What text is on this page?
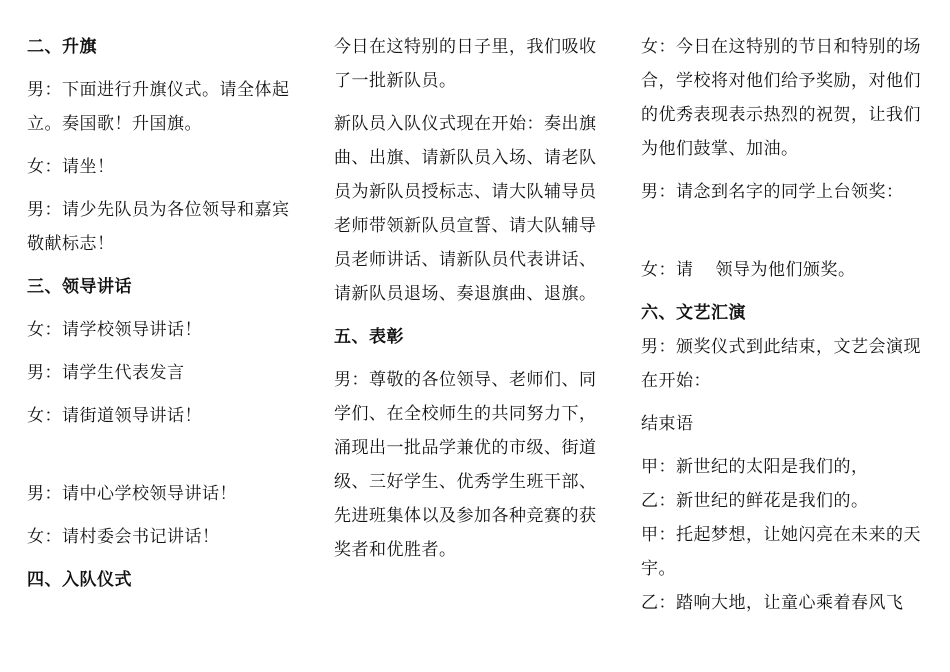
二、升旗
男：下面进行升旗仪式。请全体起立。奏国歌！升国旗。
女：请坐！
男：请少先队员为各位领导和嘉宾敬献标志！
三、领导讲话
女：请学校领导讲话！
男：请学生代表发言
女：请街道领导讲话！
男：请中心学校领导讲话！
女：请村委会书记讲话！
四、入队仪式
今日在这特别的日子里，我们吸收了一批新队员。
新队员入队仪式现在开始：奏出旗曲、出旗、请新队员入场、请老队员为新队员授标志、请大队辅导员老师带领新队员宣誓、请大队辅导员老师讲话、请新队员代表讲话、请新队员退场、奏退旗曲、退旗。
五、表彰
男：尊敬的各位领导、老师们、同学们、在全校师生的共同努力下，涌现出一批品学兼优的市级、街道级、三好学生、优秀学生班干部、先进班集体以及参加各种竞赛的获奖者和优胜者。
女：今日在这特别的节日和特别的场合，学校将对他们给予奖励，对他们的优秀表现表示热烈的祝贺，让我们为他们鼓掌、加油。
男：请念到名字的同学上台领奖：
女：请 领导为他们颁奖。
六、文艺汇演
男：颁奖仪式到此结束，文艺会演现在开始：
结束语
甲：新世纪的太阳是我们的，
乙：新世纪的鲜花是我们的。
甲：托起梦想，让她闪亮在未来的天宇。
乙：踏响大地，让童心乘着春风飞
